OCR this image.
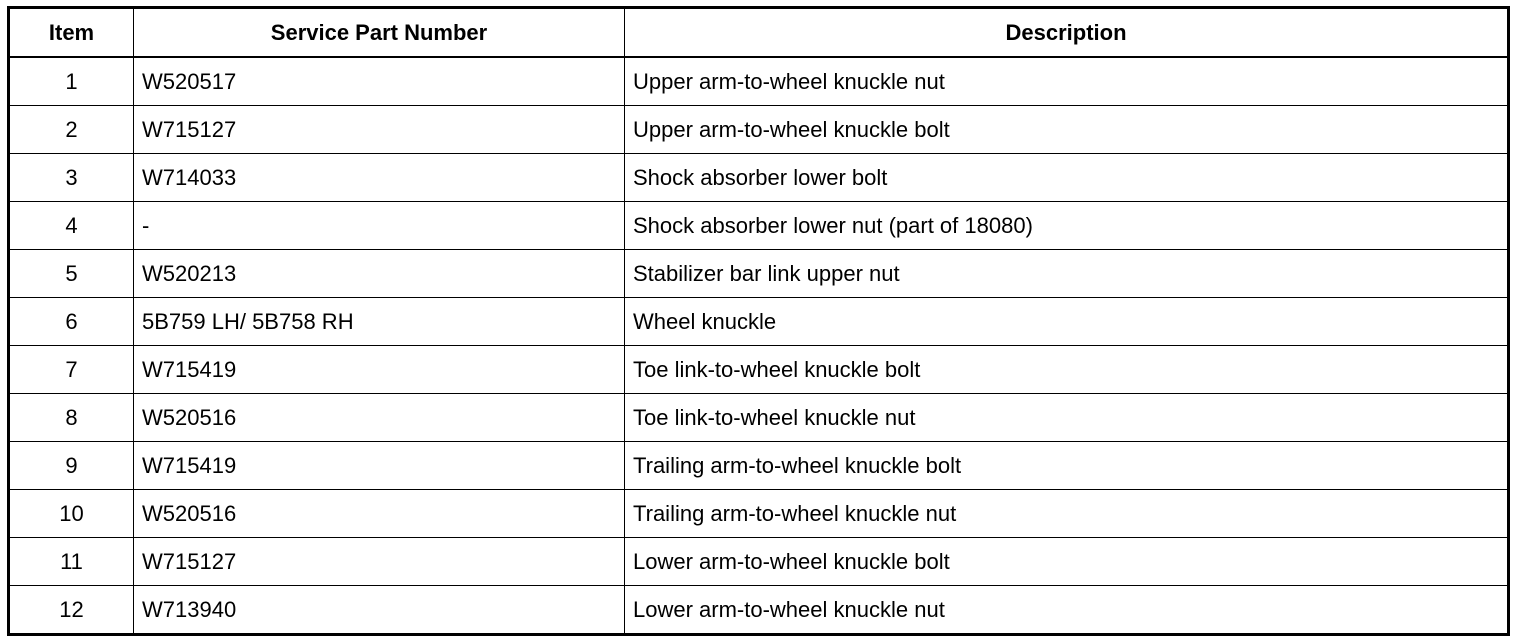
Item	Service Part Number	Description
1	W520517	Upper arm-to-wheel knuckle nut
2	W715127	Upper arm-to-wheel knuckle bolt
3	W714033	Shock absorber lower bolt
4	-	Shock absorber lower nut (part of 18080)
5	W520213	Stabilizer bar link upper nut
6	5B759 LH/ 5B758 RH	Wheel knuckle
7	W715419	Toe link-to-wheel knuckle bolt
8	W520516	Toe link-to-wheel knuckle nut
9	W715419	Trailing arm-to-wheel knuckle bolt
10	W520516	Trailing arm-to-wheel knuckle nut
11	W715127	Lower arm-to-wheel knuckle bolt
12	W713940	Lower arm-to-wheel knuckle nut
